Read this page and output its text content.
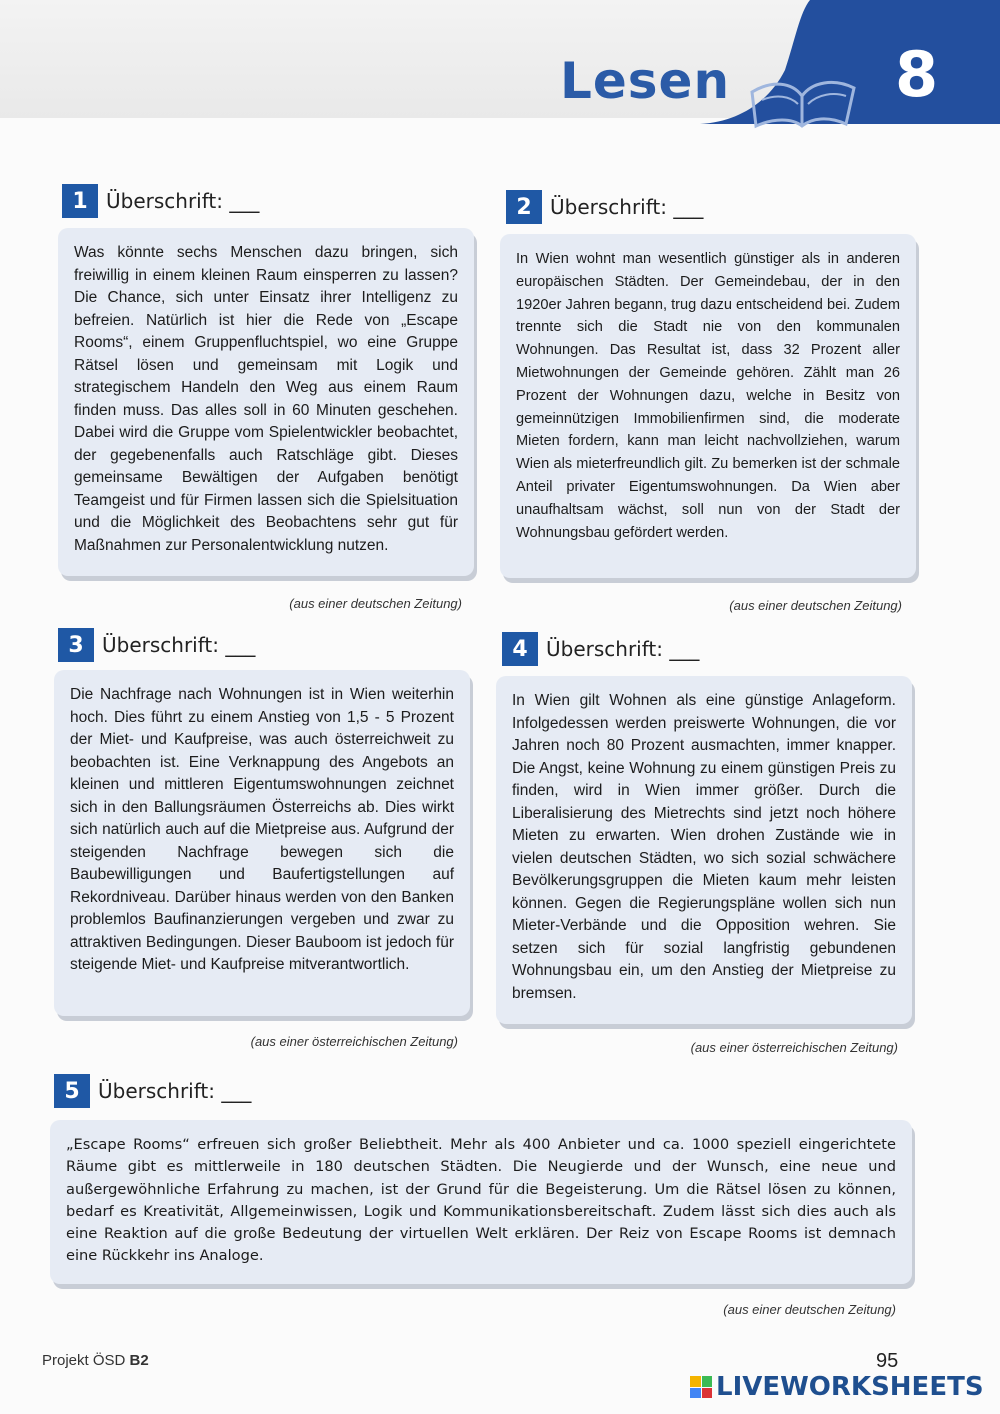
Lesen	8
1 Überschrift: ___
Was könnte sechs Menschen dazu bringen, sich freiwillig in einem kleinen Raum einsperren zu lassen? Die Chance, sich unter Einsatz ihrer Intelligenz zu befreien. Natürlich ist hier die Rede von „Escape Rooms“, einem Gruppenfluchtspiel, wo eine Gruppe Rätsel lösen und gemeinsam mit Logik und strategischem Handeln den Weg aus einem Raum finden muss. Das alles soll in 60 Minuten geschehen. Dabei wird die Gruppe vom Spielentwickler beobachtet, der gegebenenfalls auch Ratschläge gibt. Dieses gemeinsame Bewältigen der Aufgaben benötigt Teamgeist und für Firmen lassen sich die Spielsituation und die Möglichkeit des Beobachtens sehr gut für Maßnahmen zur Personalentwicklung nutzen.
(aus einer deutschen Zeitung)
2 Überschrift: ___
In Wien wohnt man wesentlich günstiger als in anderen europäischen Städten. Der Gemeindebau, der in den 1920er Jahren begann, trug dazu entscheidend bei. Zudem trennte sich die Stadt nie von den kommunalen Wohnungen. Das Resultat ist, dass 32 Prozent aller Mietwohnungen der Gemeinde gehören. Zählt man 26 Prozent der Wohnungen dazu, welche in Besitz von gemeinnützigen Immobilienfirmen sind, die moderate Mieten fordern, kann man leicht nachvollziehen, warum Wien als mieterfreundlich gilt. Zu bemerken ist der schmale Anteil privater Eigentumswohnungen. Da Wien aber unaufhaltsam wächst, soll nun von der Stadt der Wohnungsbau gefördert werden.
(aus einer deutschen Zeitung)
3 Überschrift: ___
Die Nachfrage nach Wohnungen ist in Wien weiterhin hoch. Dies führt zu einem Anstieg von 1,5 - 5 Prozent der Miet- und Kaufpreise, was auch österreichweit zu beobachten ist. Eine Verknappung des Angebots an kleinen und mittleren Eigentumswohnungen zeichnet sich in den Ballungsräumen Österreichs ab. Dies wirkt sich natürlich auch auf die Mietpreise aus. Aufgrund der steigenden Nachfrage bewegen sich die Baubewilligungen und Baufertigstellungen auf Rekordniveau. Darüber hinaus werden von den Banken problemlos Baufinanzierungen vergeben und zwar zu attraktiven Bedingungen. Dieser Bauboom ist jedoch für steigende Miet- und Kaufpreise mitverantwortlich.
(aus einer österreichischen Zeitung)
4 Überschrift: ___
In Wien gilt Wohnen als eine günstige Anlageform. Infolgedessen werden preiswerte Wohnungen, die vor Jahren noch 80 Prozent ausmachten, immer knapper. Die Angst, keine Wohnung zu einem günstigen Preis zu finden, wird in Wien immer größer. Durch die Liberalisierung des Mietrechts sind jetzt noch höhere Mieten zu erwarten. Wien drohen Zustände wie in vielen deutschen Städten, wo sich sozial schwächere Bevölkerungsgruppen die Mieten kaum mehr leisten können. Gegen die Regierungspläne wollen sich nun Mieter-Verbände und die Opposition wehren. Sie setzen sich für sozial langfristig gebundenen Wohnungsbau ein, um den Anstieg der Mietpreise zu bremsen.
(aus einer österreichischen Zeitung)
5 Überschrift: ___
„Escape Rooms“ erfreuen sich großer Beliebtheit. Mehr als 400 Anbieter und ca. 1000 speziell eingerichtete Räume gibt es mittlerweile in 180 deutschen Städten. Die Neugierde und der Wunsch, eine neue und außergewöhnliche Erfahrung zu machen, ist der Grund für die Begeisterung. Um die Rätsel lösen zu können, bedarf es Kreativität, Allgemeinwissen, Logik und Kommunikationsbereitschaft. Zudem lässt sich dies auch als eine Reaktion auf die große Bedeutung der virtuellen Welt erklären. Der Reiz von Escape Rooms ist demnach eine Rückkehr ins Analoge.
(aus einer deutschen Zeitung)
Projekt ÖSD B2	95
LIVEWORKSHEETS
